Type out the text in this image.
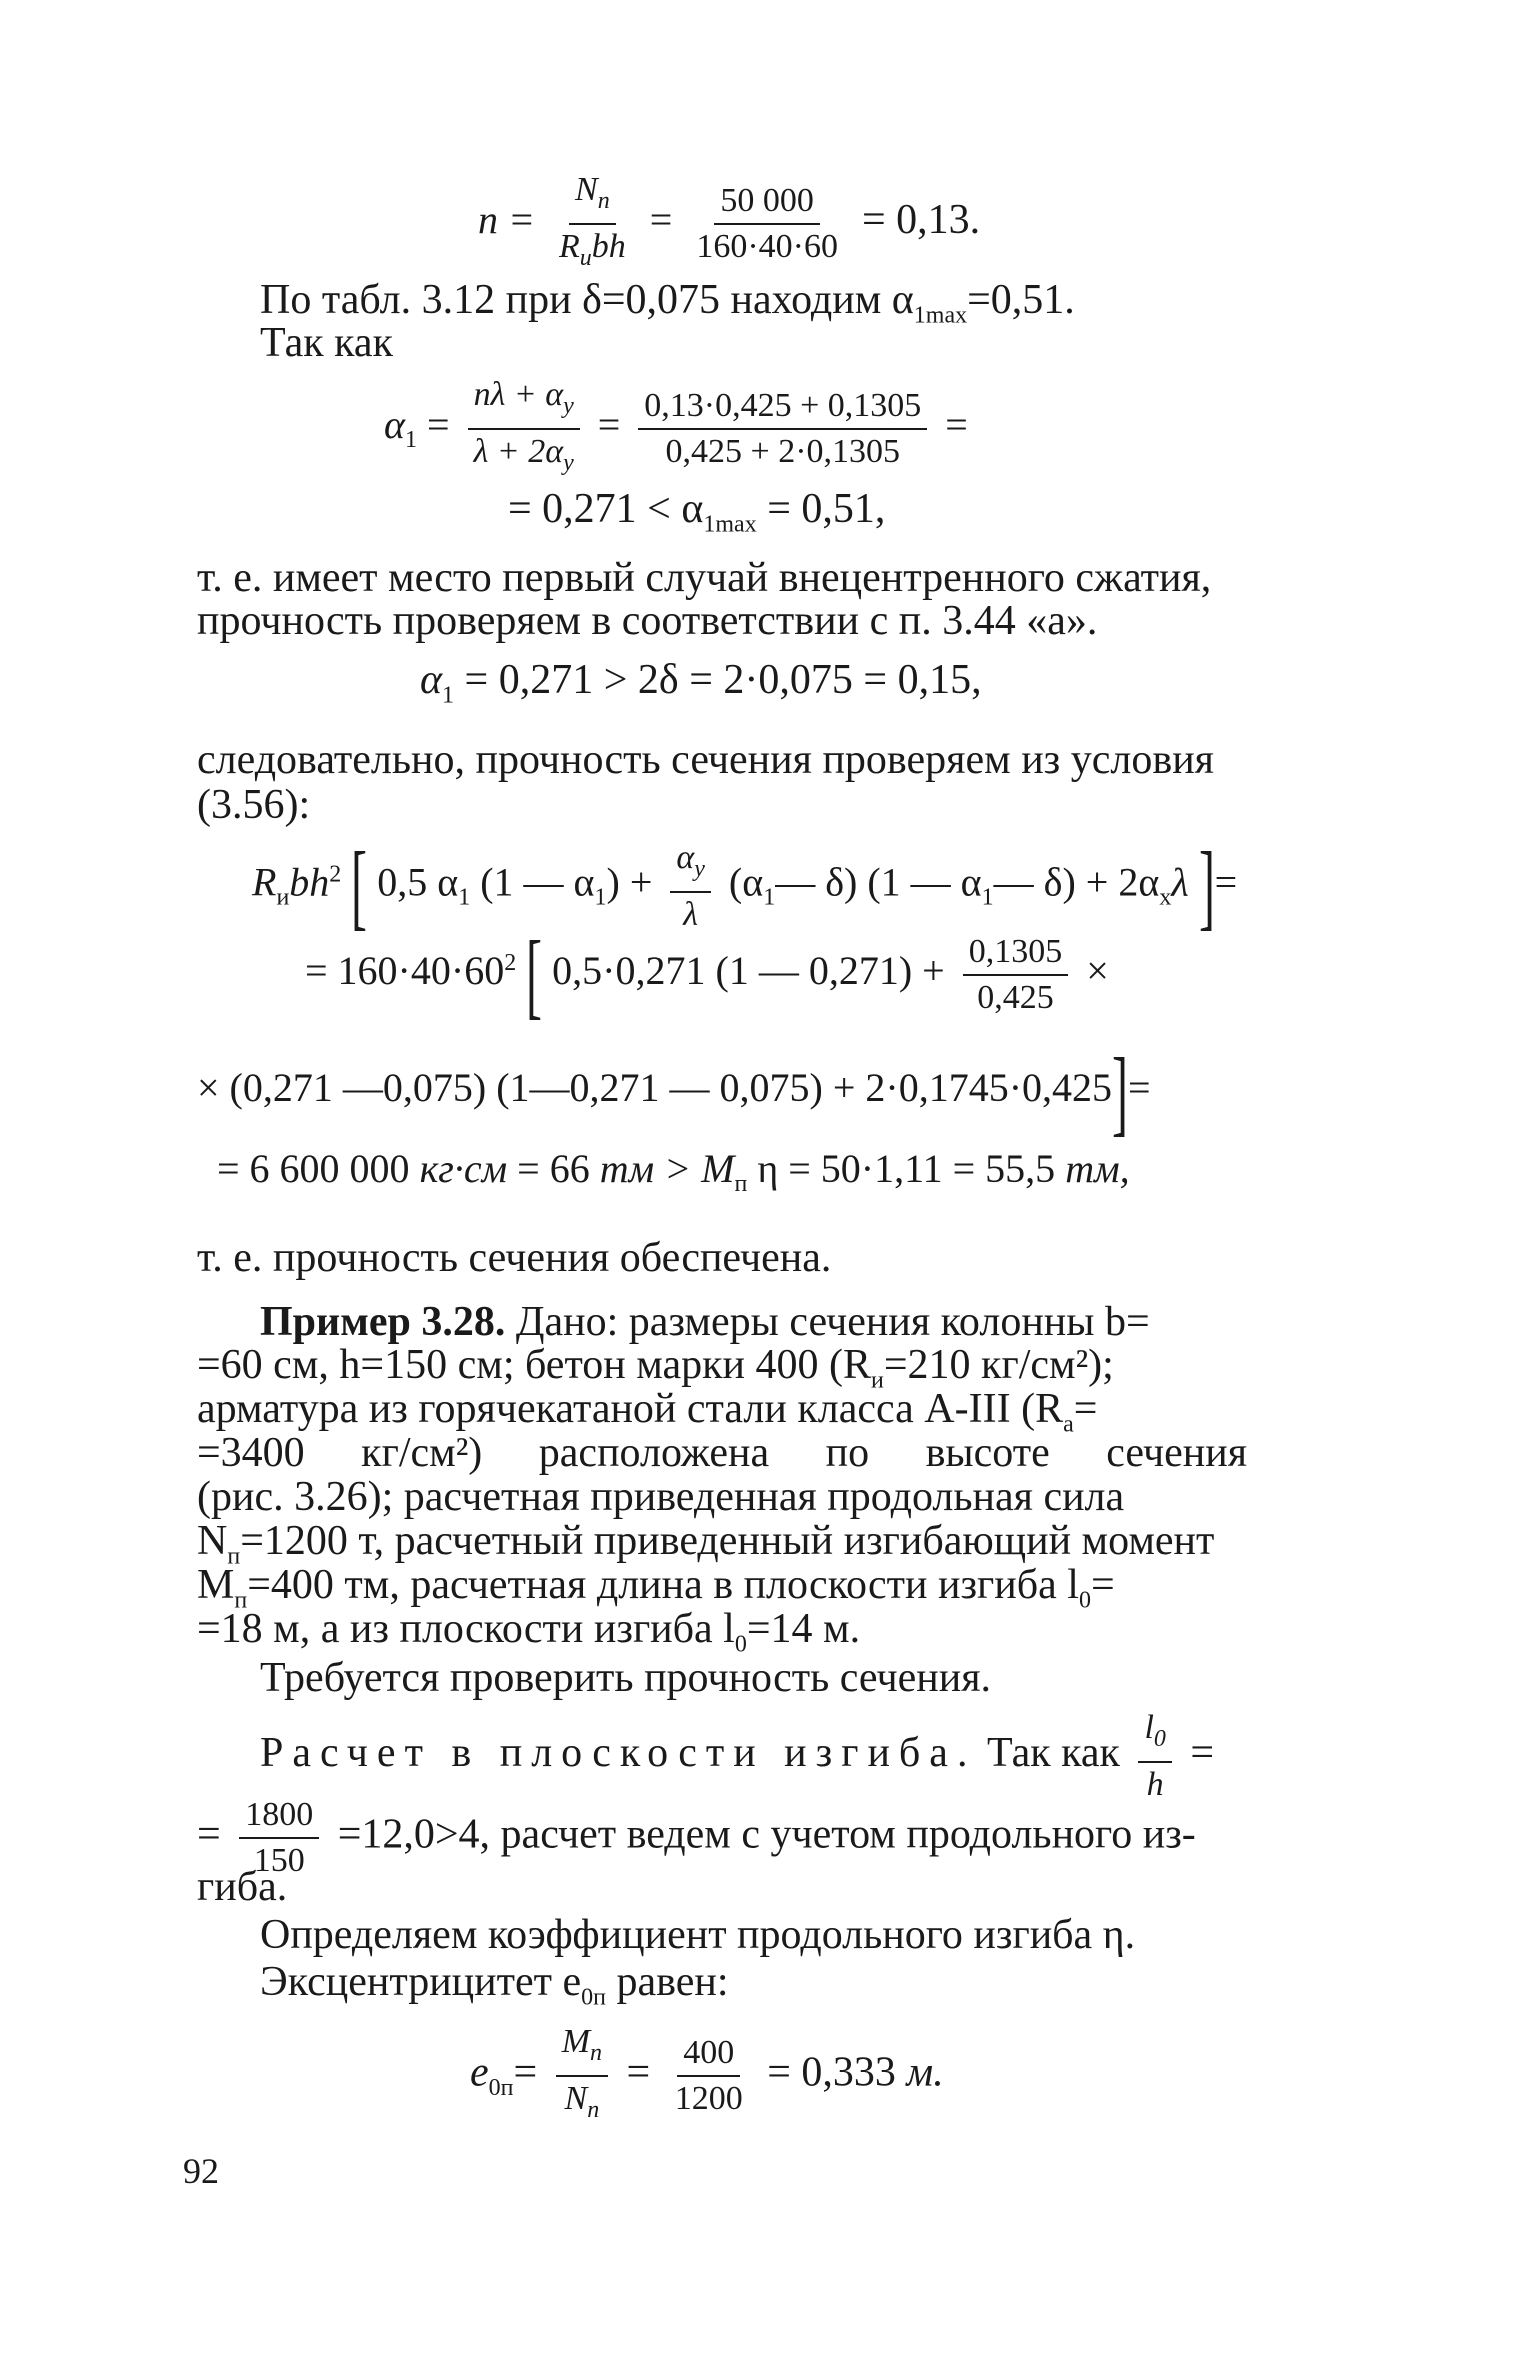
$n = \frac{N_п}{R_иbh} = \frac{50 000}{160\cdot 40\cdot 60} = 0,13$.
По табл. 3.12 при δ=0,075 находим $\alpha_{1max}=0,51$.
Так как
$\alpha_1 = \frac{n\lambda + \alpha_y}{\lambda + 2\alpha_y} = \frac{0,13\cdot 0,425 + 0,1305}{0,425 + 2\cdot 0,1305}$ =
= $0,271 < \alpha_{1max} = 0,51$,
т. е. имеет место первый случай внецентренного сжатия,
прочность проверяем в соответствии с п. 3.44 «а».
$\alpha_1 = 0,271 > 2\delta = 2\cdot 0,075 = 0,15$,
следовательно, прочность сечения проверяем из условия
(3.56):
$R_иbh^2$ [ 0,5 $\alpha_1$ (1 — $\alpha_1) + \frac{\alpha_y}{\lambda}$ ($\alpha_1—$ δ) (1 — $\alpha_1—$ $\delta) + 2\alpha_x\lambda$ ]=
= $160\cdot 40\cdot 60^2$ [ 0,5·0,271 (1 — $0,271) + \frac{0,1305}{0,425}$ ×
× (0,271 —0,075) (1—0,271 — 0,075) + 2·0,1745·0,425]=
= 6 600 000 кг·см = 66 тм > $M_п$ η = 50·1,11 = 55,5 тм,
т. е. прочность сечения обеспечена.
Пример 3.28. Дано: размеры сечения колонны b=
=60 см, h=150 см; бетон марки 400 ($R_и=210$ кг/см²);
арматура из горячекатаной стали класса А-III ($R_а=$
=3400 кг/см²) расположена по высоте сечения
(рис. 3.26); расчетная приведенная продольная сила
$N_п=1200$ т, расчетный приведенный изгибающий момент
$M_п=400$ тм, расчетная длина в плоскости изгиба $l_0=$
=18 м, а из плоскости изгиба $l_0=14$ м.
Требуется проверить прочность сечения.
Расчет в плоскости изгиба. Так как $\frac{l_0}{h}$ =
= $\frac{1800}{150} =12,0>4$, расчет ведем с учетом продольного из-
гиба.
Определяем коэффициент продольного изгиба η.
Эксцентрицитет $e_{0п}$ равен:
$e_{0п}= \frac{M_п}{N_п} = \frac{400}{1200} = 0,333$ м.
92
